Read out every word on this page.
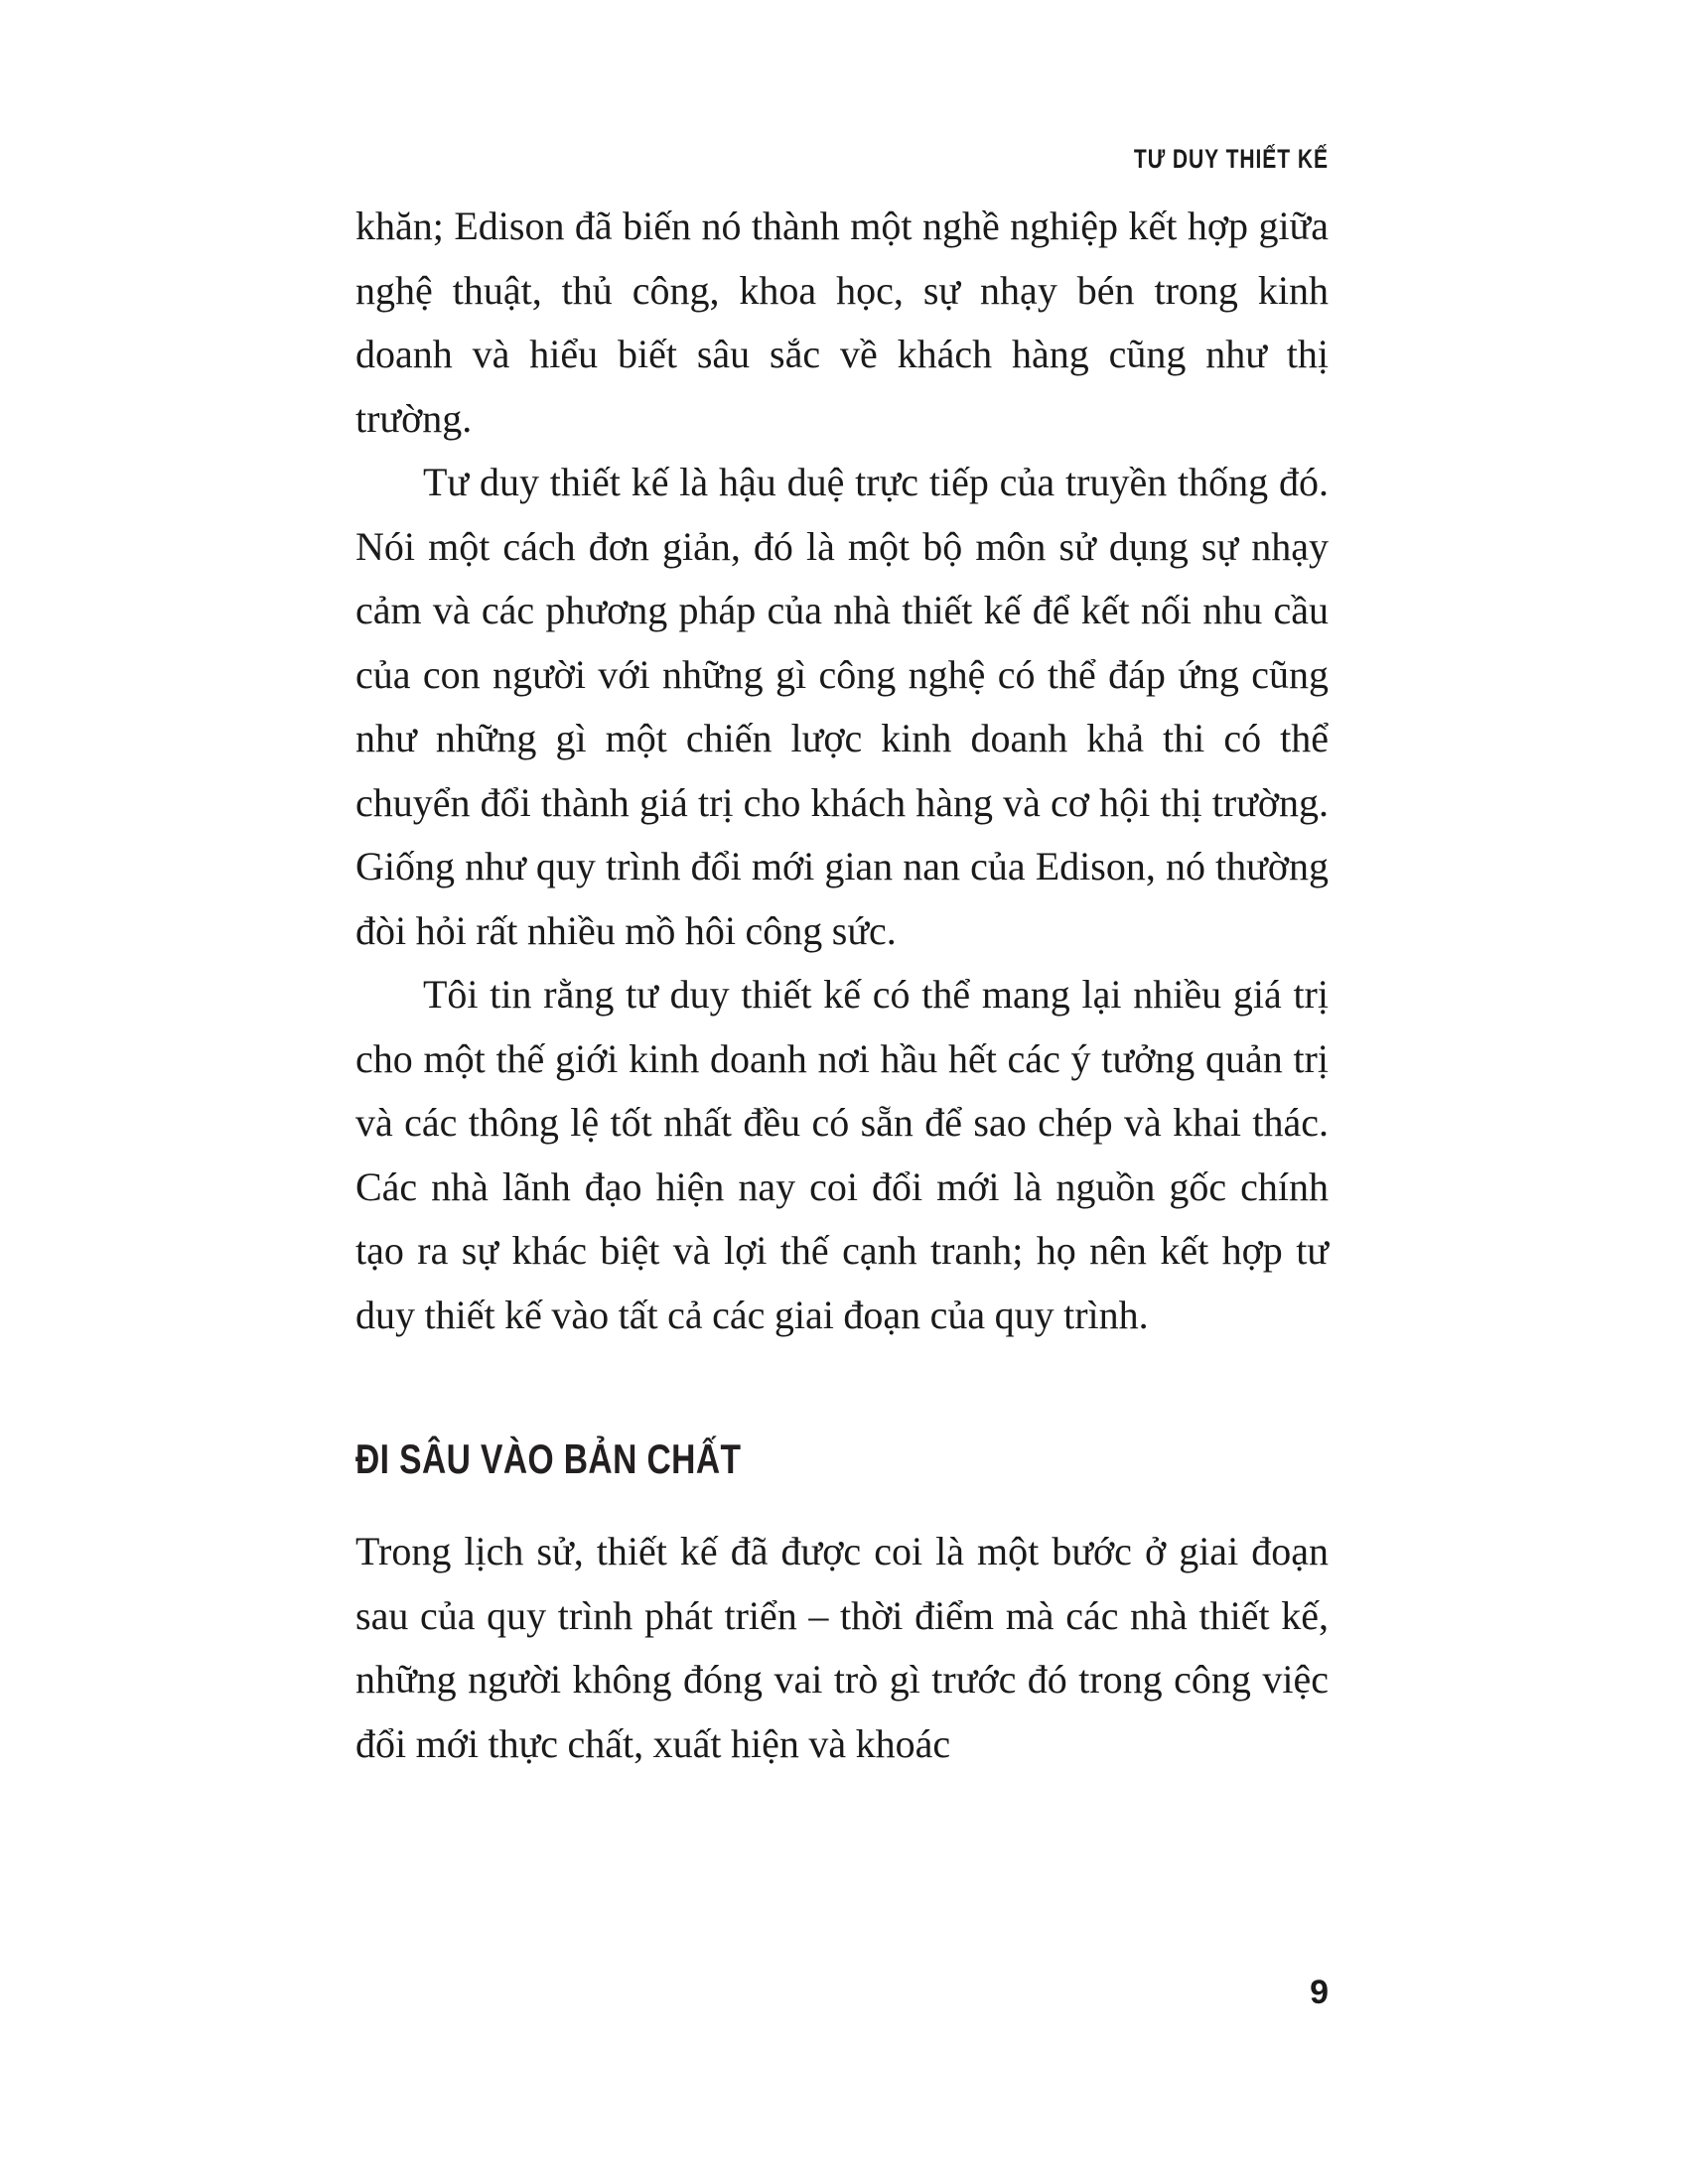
TƯ DUY THIẾT KẾ

khăn; Edison đã biến nó thành một nghề nghiệp kết hợp giữa nghệ thuật, thủ công, khoa học, sự nhạy bén trong kinh doanh và hiểu biết sâu sắc về khách hàng cũng như thị trường.

Tư duy thiết kế là hậu duệ trực tiếp của truyền thống đó. Nói một cách đơn giản, đó là một bộ môn sử dụng sự nhạy cảm và các phương pháp của nhà thiết kế để kết nối nhu cầu của con người với những gì công nghệ có thể đáp ứng cũng như những gì một chiến lược kinh doanh khả thi có thể chuyển đổi thành giá trị cho khách hàng và cơ hội thị trường. Giống như quy trình đổi mới gian nan của Edison, nó thường đòi hỏi rất nhiều mồ hôi công sức.

Tôi tin rằng tư duy thiết kế có thể mang lại nhiều giá trị cho một thế giới kinh doanh nơi hầu hết các ý tưởng quản trị và các thông lệ tốt nhất đều có sẵn để sao chép và khai thác. Các nhà lãnh đạo hiện nay coi đổi mới là nguồn gốc chính tạo ra sự khác biệt và lợi thế cạnh tranh; họ nên kết hợp tư duy thiết kế vào tất cả các giai đoạn của quy trình.

ĐI SÂU VÀO BẢN CHẤT

Trong lịch sử, thiết kế đã được coi là một bước ở giai đoạn sau của quy trình phát triển – thời điểm mà các nhà thiết kế, những người không đóng vai trò gì trước đó trong công việc đổi mới thực chất, xuất hiện và khoác

9
